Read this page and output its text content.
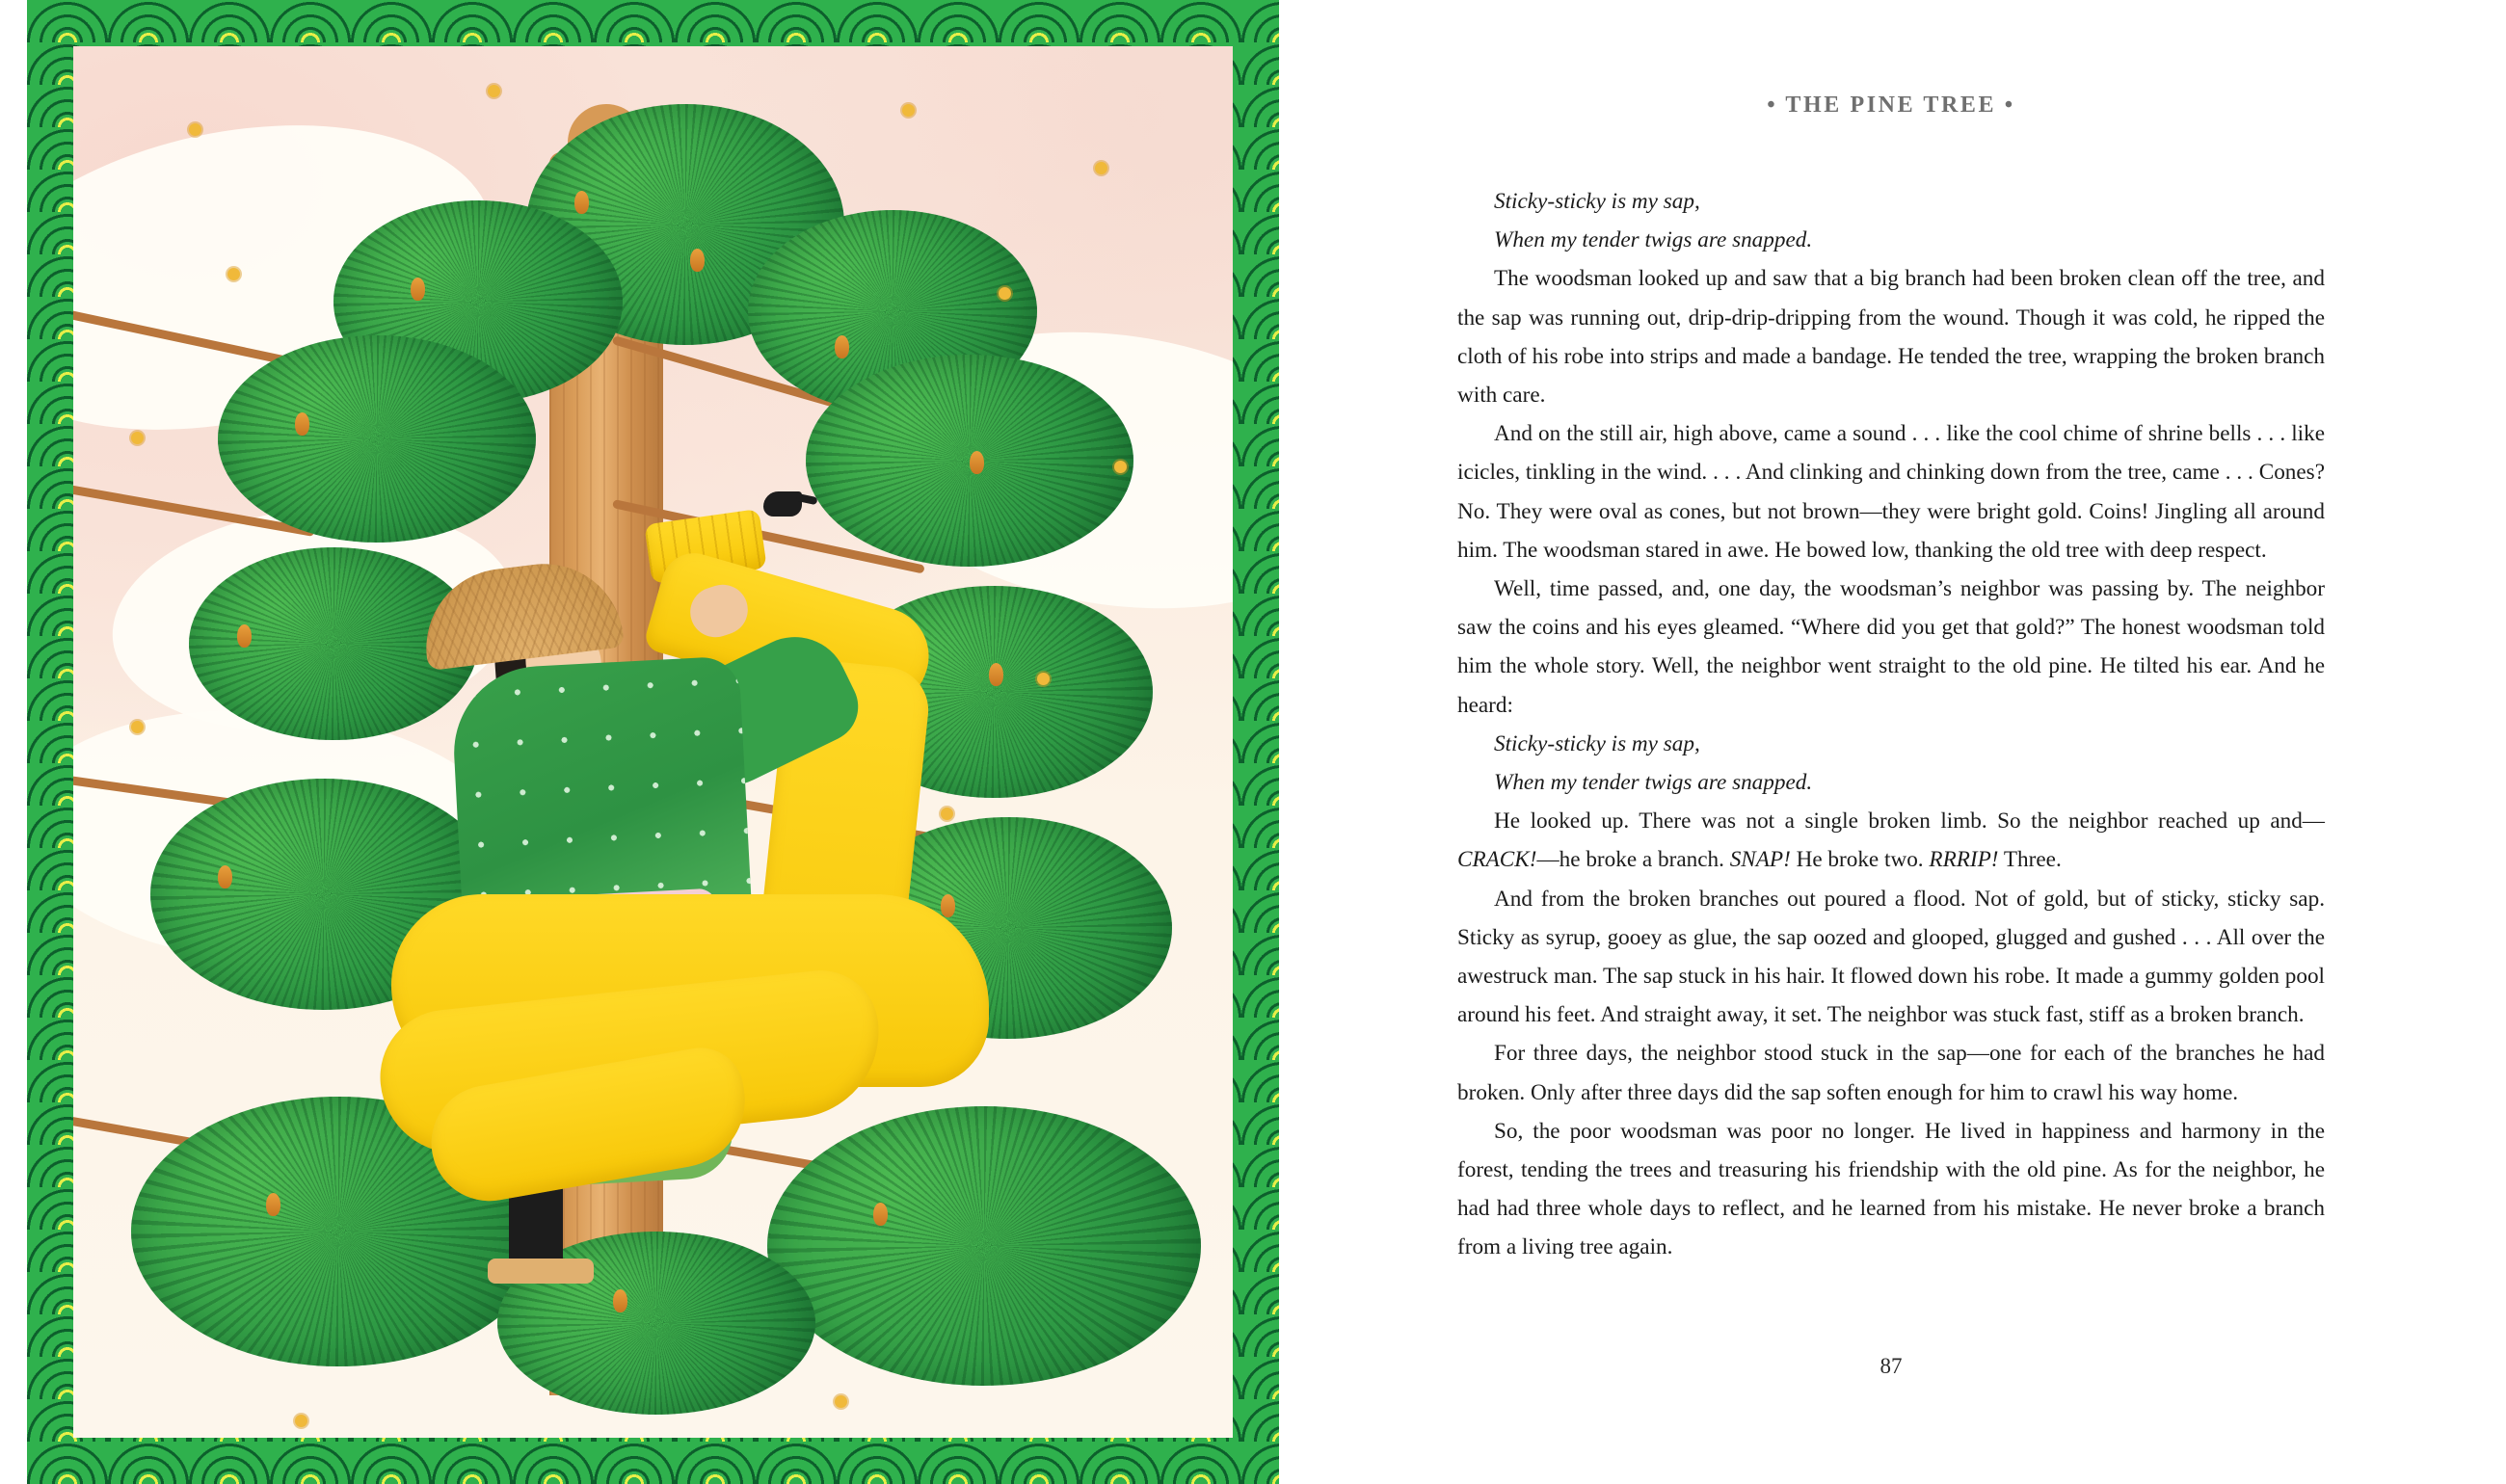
• THE PINE TREE •

Sticky-sticky is my sap,

When my tender twigs are snapped.

The woodsman looked up and saw that a big branch had been broken clean off the tree, and the sap was running out, drip-drip-dripping from the wound. Though it was cold, he ripped the cloth of his robe into strips and made a bandage. He tended the tree, wrapping the broken branch with care.

And on the still air, high above, came a sound . . . like the cool chime of shrine bells . . . like icicles, tinkling in the wind. . . . And clinking and chinking down from the tree, came . . . Cones? No. They were oval as cones, but not brown—they were bright gold. Coins! Jingling all around him. The woodsman stared in awe. He bowed low, thanking the old tree with deep respect.

Well, time passed, and, one day, the woodsman’s neighbor was passing by. The neighbor saw the coins and his eyes gleamed. “Where did you get that gold?” The honest woodsman told him the whole story. Well, the neighbor went straight to the old pine. He tilted his ear. And he heard:

Sticky-sticky is my sap,

When my tender twigs are snapped.

He looked up. There was not a single broken limb. So the neighbor reached up and—CRACK!—he broke a branch. SNAP! He broke two. RRRIP! Three.

And from the broken branches out poured a flood. Not of gold, but of sticky, sticky sap. Sticky as syrup, gooey as glue, the sap oozed and glooped, glugged and gushed . . . All over the awestruck man. The sap stuck in his hair. It flowed down his robe. It made a gummy golden pool around his feet. And straight away, it set. The neighbor was stuck fast, stiff as a broken branch.

For three days, the neighbor stood stuck in the sap—one for each of the branches he had broken. Only after three days did the sap soften enough for him to crawl his way home.

So, the poor woodsman was poor no longer. He lived in happiness and harmony in the forest, tending the trees and treasuring his friendship with the old pine. As for the neighbor, he had had three whole days to reflect, and he learned from his mistake. He never broke a branch from a living tree again.

87
